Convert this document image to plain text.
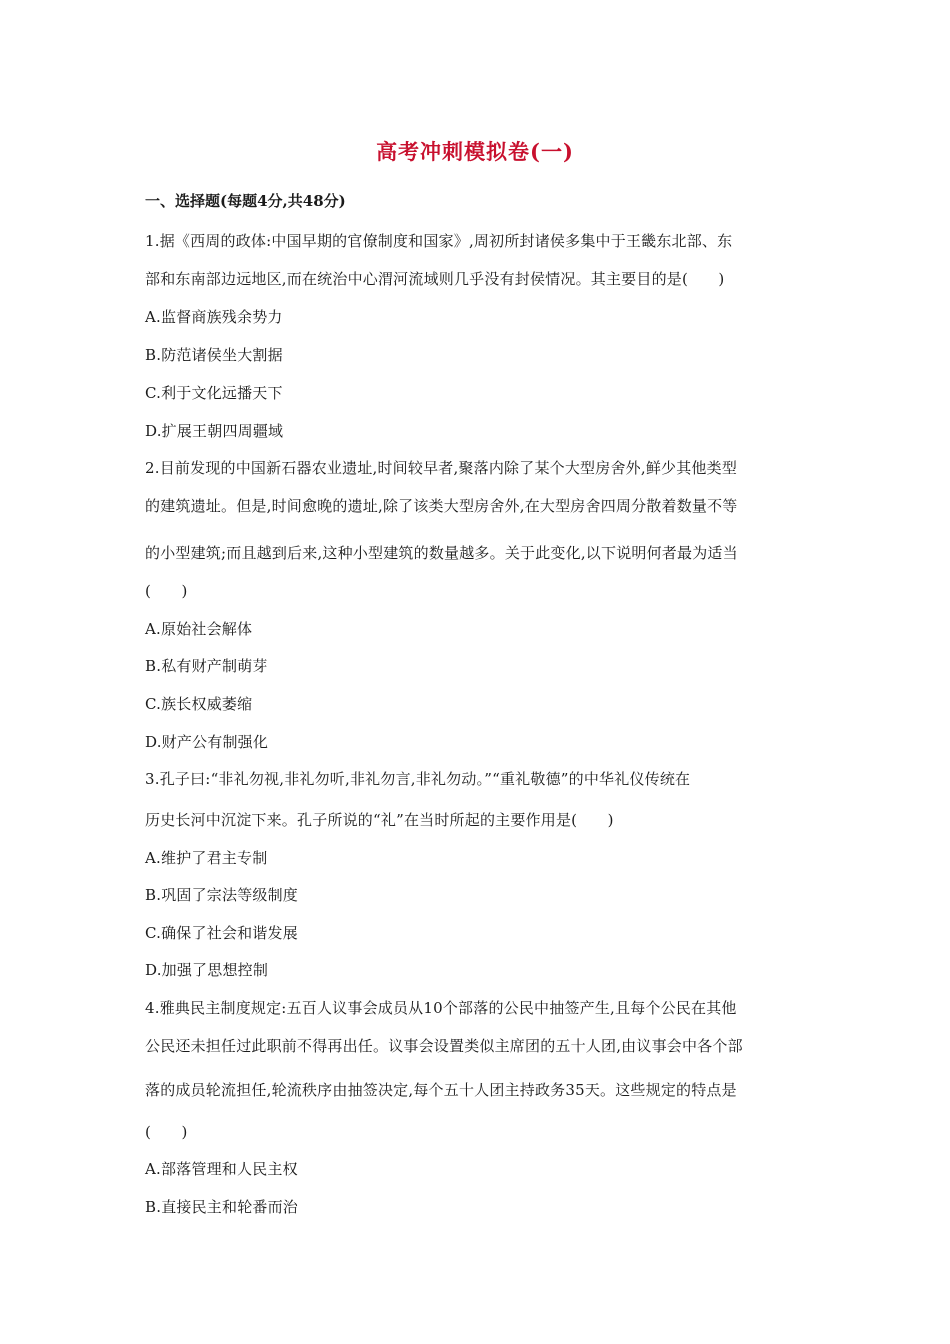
高考冲刺模拟卷(一)
一、选择题(每题4分,共48分)
1.据《西周的政体:中国早期的官僚制度和国家》,周初所封诸侯多集中于王畿东北部、东
部和东南部边远地区,而在统治中心渭河流域则几乎没有封侯情况。其主要目的是(　　)
A.监督商族残余势力
B.防范诸侯坐大割据
C.利于文化远播天下
D.扩展王朝四周疆域
2.目前发现的中国新石器农业遗址,时间较早者,聚落内除了某个大型房舍外,鲜少其他类型
的建筑遗址。但是,时间愈晚的遗址,除了该类大型房舍外,在大型房舍四周分散着数量不等
的小型建筑;而且越到后来,这种小型建筑的数量越多。关于此变化,以下说明何者最为适当
(　　)
A.原始社会解体
B.私有财产制萌芽
C.族长权威萎缩
D.财产公有制强化
3.孔子曰:“非礼勿视,非礼勿听,非礼勿言,非礼勿动。”“重礼敬德”的中华礼仪传统在
历史长河中沉淀下来。孔子所说的“礼”在当时所起的主要作用是(　　)
A.维护了君主专制
B.巩固了宗法等级制度
C.确保了社会和谐发展
D.加强了思想控制
4.雅典民主制度规定:五百人议事会成员从10个部落的公民中抽签产生,且每个公民在其他
公民还未担任过此职前不得再出任。议事会设置类似主席团的五十人团,由议事会中各个部
落的成员轮流担任,轮流秩序由抽签决定,每个五十人团主持政务35天。这些规定的特点是
(　　)
A.部落管理和人民主权
B.直接民主和轮番而治
